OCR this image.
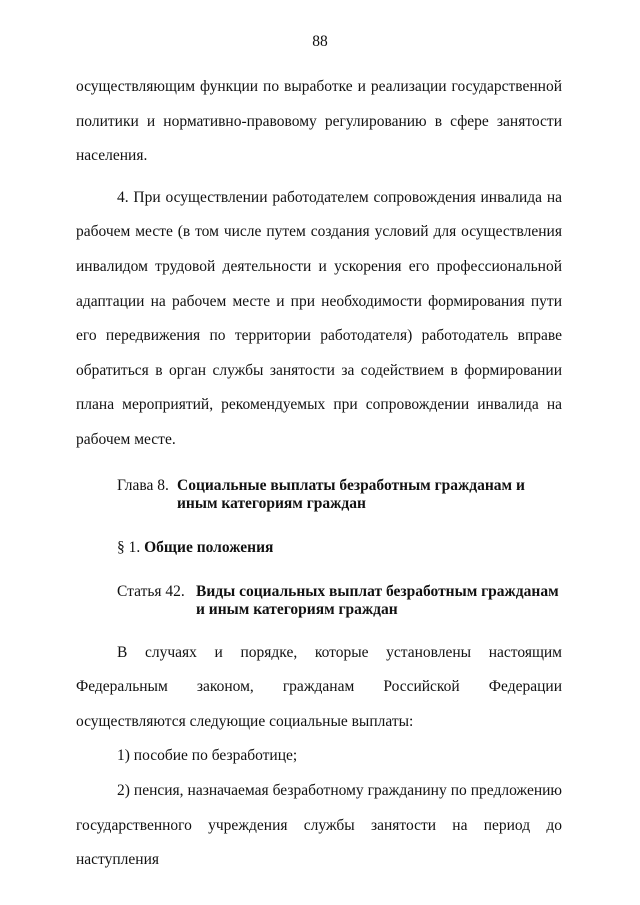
88

осуществляющим функции по выработке и реализации государственной политики и нормативно-правовому регулированию в сфере занятости населения.

4. При осуществлении работодателем сопровождения инвалида на рабочем месте (в том числе путем создания условий для осуществления инвалидом трудовой деятельности и ускорения его профессиональной адаптации на рабочем месте и при необходимости формирования пути его передвижения по территории работодателя) работодатель вправе обратиться в орган службы занятости за содействием в формировании плана мероприятий, рекомендуемых при сопровождении инвалида на рабочем месте.

Глава 8. Социальные выплаты безработным гражданам и иным категориям граждан
§ 1. Общие положения
Статья 42. Виды социальных выплат безработным гражданам и иным категориям граждан

В случаях и порядке, которые установлены настоящим Федеральным законом, гражданам Российской Федерации осуществляются следующие социальные выплаты:

1) пособие по безработице;

2) пенсия, назначаемая безработному гражданину по предложению государственного учреждения службы занятости на период до наступления
